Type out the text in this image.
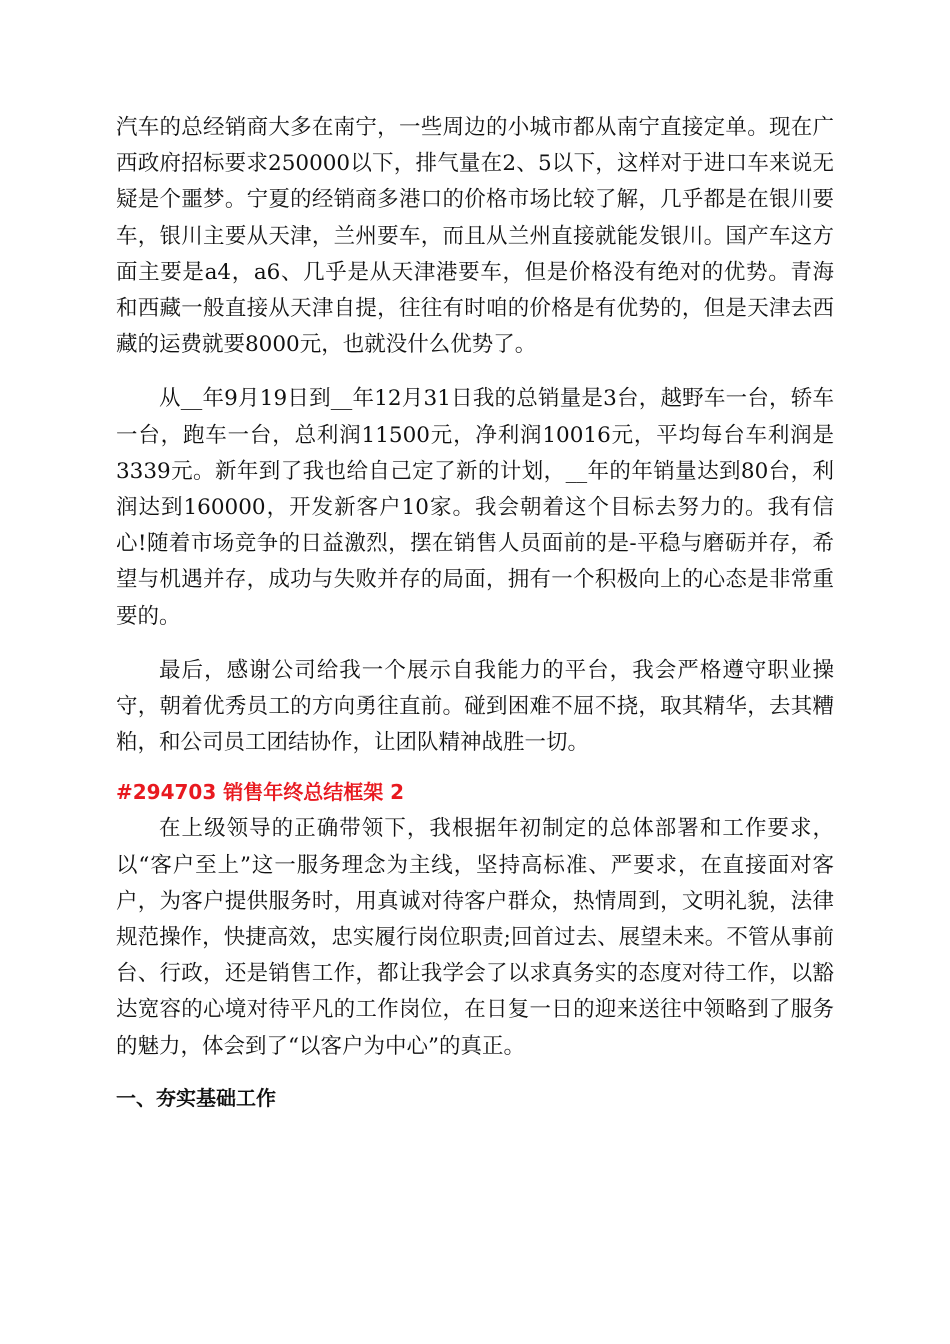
汽车的总经销商大多在南宁，一些周边的小城市都从南宁直接定单。现在广西政府招标要求250000以下，排气量在2、5以下，这样对于进口车来说无疑是个噩梦。宁夏的经销商多港口的价格市场比较了解，几乎都是在银川要车，银川主要从天津，兰州要车，而且从兰州直接就能发银川。国产车这方面主要是a4，a6、几乎是从天津港要车，但是价格没有绝对的优势。青海和西藏一般直接从天津自提，往往有时咱的价格是有优势的，但是天津去西藏的运费就要8000元，也就没什么优势了。

从__年9月19日到__年12月31日我的总销量是3台，越野车一台，轿车一台，跑车一台，总利润11500元，净利润10016元，平均每台车利润是3339元。新年到了我也给自己定了新的计划，__年的年销量达到80台，利润达到160000，开发新客户10家。我会朝着这个目标去努力的。我有信心!随着市场竞争的日益激烈，摆在销售人员面前的是-平稳与磨砺并存，希望与机遇并存，成功与失败并存的局面，拥有一个积极向上的心态是非常重要的。

最后，感谢公司给我一个展示自我能力的平台，我会严格遵守职业操守，朝着优秀员工的方向勇往直前。碰到困难不屈不挠，取其精华，去其糟粕，和公司员工团结协作，让团队精神战胜一切。

#294703 销售年终总结框架 2

在上级领导的正确带领下，我根据年初制定的总体部署和工作要求，以“客户至上”这一服务理念为主线，坚持高标准、严要求，在直接面对客户，为客户提供服务时，用真诚对待客户群众，热情周到，文明礼貌，法律规范操作，快捷高效，忠实履行岗位职责;回首过去、展望未来。不管从事前台、行政，还是销售工作，都让我学会了以求真务实的态度对待工作，以豁达宽容的心境对待平凡的工作岗位，在日复一日的迎来送往中领略到了服务的魅力，体会到了“以客户为中心”的真正。

一、夯实基础工作
